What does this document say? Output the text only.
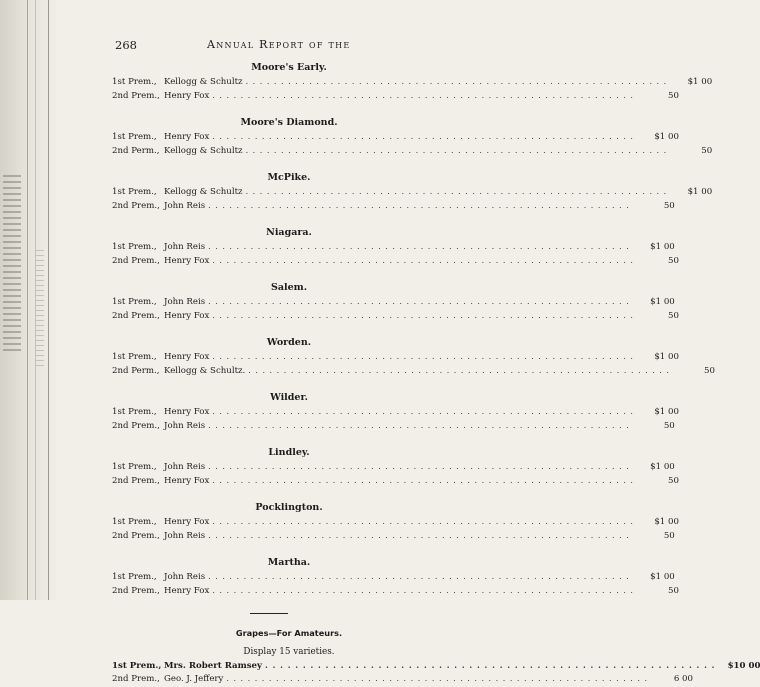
268	Annual Report of the
Moore's Early.
1st Prem., Kellogg & Schultz . . . . . . . . . . . . . . . . . . . . . . . . . . . . . . . . . . . . . . . . . . . . . . . . . . . . . . . . . . . .	$1 00
2nd Prem., Henry Fox . . . . . . . . . . . . . . . . . . . . . . . . . . . . . . . . . . . . . . . . . . . . . . . . . . . . . . . . . . . .	50
Moore's Diamond.
1st Prem., Henry Fox . . . . . . . . . . . . . . . . . . . . . . . . . . . . . . . . . . . . . . . . . . . . . . . . . . . . . . . . . . . .	$1 00
2nd Perm., Kellogg & Schultz . . . . . . . . . . . . . . . . . . . . . . . . . . . . . . . . . . . . . . . . . . . . . . . . . . . . . . . . . . . .	50
McPike.
1st Prem., Kellogg & Schultz . . . . . . . . . . . . . . . . . . . . . . . . . . . . . . . . . . . . . . . . . . . . . . . . . . . . . . . . . . . .	$1 00
2nd Prem., John Reis . . . . . . . . . . . . . . . . . . . . . . . . . . . . . . . . . . . . . . . . . . . . . . . . . . . . . . . . . . . .	50
Niagara.
1st Prem., John Reis . . . . . . . . . . . . . . . . . . . . . . . . . . . . . . . . . . . . . . . . . . . . . . . . . . . . . . . . . . . .	$1 00
2nd Prem., Henry Fox . . . . . . . . . . . . . . . . . . . . . . . . . . . . . . . . . . . . . . . . . . . . . . . . . . . . . . . . . . . .	50
Salem.
1st Prem., John Reis . . . . . . . . . . . . . . . . . . . . . . . . . . . . . . . . . . . . . . . . . . . . . . . . . . . . . . . . . . . .	$1 00
2nd Prem., Henry Fox . . . . . . . . . . . . . . . . . . . . . . . . . . . . . . . . . . . . . . . . . . . . . . . . . . . . . . . . . . . .	50
Worden.
1st Prem., Henry Fox . . . . . . . . . . . . . . . . . . . . . . . . . . . . . . . . . . . . . . . . . . . . . . . . . . . . . . . . . . . .	$1 00
2nd Perm., Kellogg & Schultz. . . . . . . . . . . . . . . . . . . . . . . . . . . . . . . . . . . . . . . . . . . . . . . . . . . . . . . . . . . . .	50
Wilder.
1st Prem., Henry Fox . . . . . . . . . . . . . . . . . . . . . . . . . . . . . . . . . . . . . . . . . . . . . . . . . . . . . . . . . . . .	$1 00
2nd Prem., John Reis . . . . . . . . . . . . . . . . . . . . . . . . . . . . . . . . . . . . . . . . . . . . . . . . . . . . . . . . . . . .	50
Lindley.
1st Prem., John Reis . . . . . . . . . . . . . . . . . . . . . . . . . . . . . . . . . . . . . . . . . . . . . . . . . . . . . . . . . . . .	$1 00
2nd Prem., Henry Fox . . . . . . . . . . . . . . . . . . . . . . . . . . . . . . . . . . . . . . . . . . . . . . . . . . . . . . . . . . . .	50
Pocklington.
1st Prem., Henry Fox . . . . . . . . . . . . . . . . . . . . . . . . . . . . . . . . . . . . . . . . . . . . . . . . . . . . . . . . . . . .	$1 00
2nd Prem., John Reis . . . . . . . . . . . . . . . . . . . . . . . . . . . . . . . . . . . . . . . . . . . . . . . . . . . . . . . . . . . .	50
Martha.
1st Prem., John Reis . . . . . . . . . . . . . . . . . . . . . . . . . . . . . . . . . . . . . . . . . . . . . . . . . . . . . . . . . . . .	$1 00
2nd Prem., Henry Fox . . . . . . . . . . . . . . . . . . . . . . . . . . . . . . . . . . . . . . . . . . . . . . . . . . . . . . . . . . . .	50
Grapes—For Amateurs.
Display 15 varieties.
1st Prem., Mrs. Robert Ramsey . . . . . . . . . . . . . . . . . . . . . . . . . . . . . . . . . . . . . . . . . . . . . . . . . . . . . . . . . . . .	$10 00
2nd Prem., Geo. J. Jeffery . . . . . . . . . . . . . . . . . . . . . . . . . . . . . . . . . . . . . . . . . . . . . . . . . . . . . . . . . . . .	6 00
